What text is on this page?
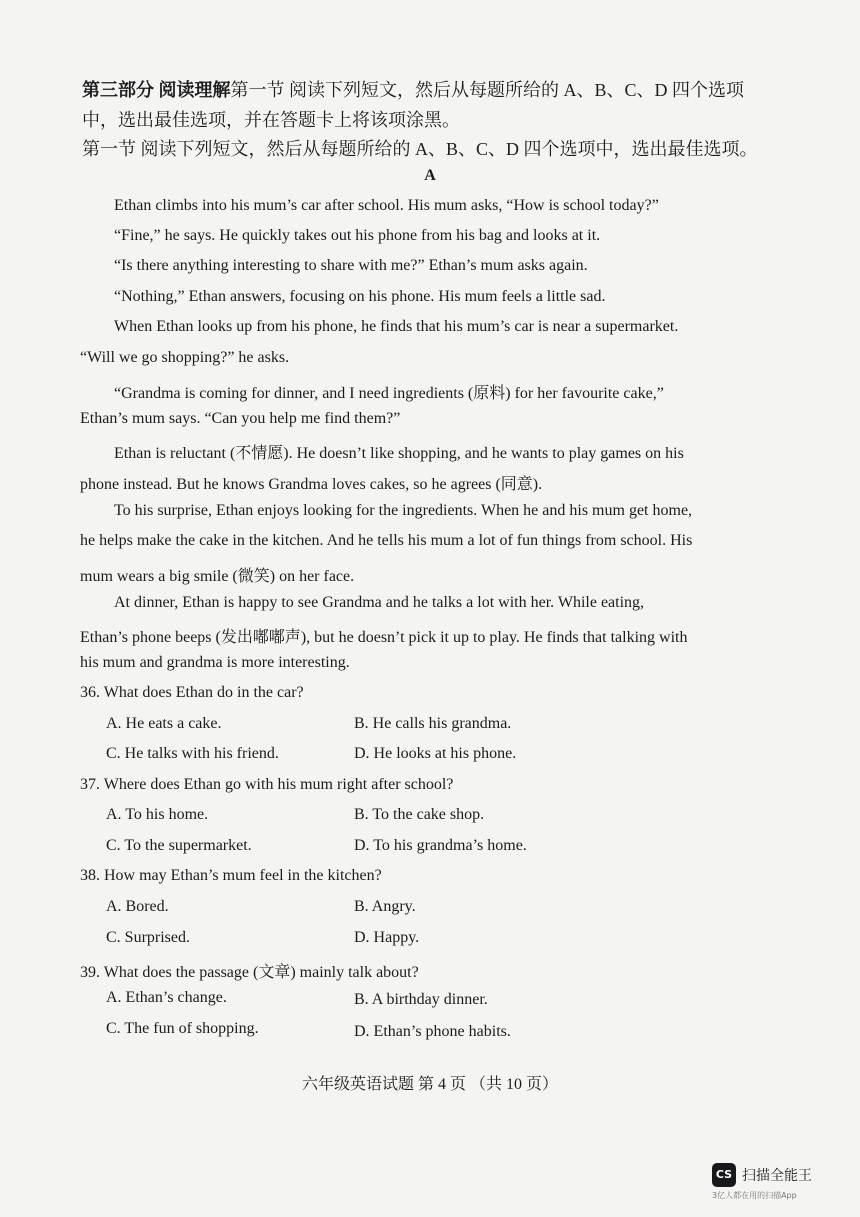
第三部分 阅读理解第一节 阅读下列短文，然后从每题所给的 A、B、C、D 四个选项
中，选出最佳选项，并在答题卡上将该项涂黑。
第一节 阅读下列短文，然后从每题所给的 A、B、C、D 四个选项中，选出最佳选项。
A
Ethan climbs into his mum’s car after school. His mum asks, “How is school today?”
“Fine,” he says. He quickly takes out his phone from his bag and looks at it.
“Is there anything interesting to share with me?” Ethan’s mum asks again.
“Nothing,” Ethan answers, focusing on his phone. His mum feels a little sad.
When Ethan looks up from his phone, he finds that his mum’s car is near a supermarket.
“Will we go shopping?” he asks.
“Grandma is coming for dinner, and I need ingredients (原料) for her favourite cake,”
Ethan’s mum says. “Can you help me find them?”
Ethan is reluctant (不情愿). He doesn’t like shopping, and he wants to play games on his
phone instead. But he knows Grandma loves cakes, so he agrees (同意).
To his surprise, Ethan enjoys looking for the ingredients. When he and his mum get home,
he helps make the cake in the kitchen. And he tells his mum a lot of fun things from school. His
mum wears a big smile (微笑) on her face.
At dinner, Ethan is happy to see Grandma and he talks a lot with her. While eating,
Ethan’s phone beeps (发出嘟嘟声), but he doesn’t pick it up to play. He finds that talking with
his mum and grandma is more interesting.
36. What does Ethan do in the car?
A. He eats a cake.	B. He calls his grandma.
C. He talks with his friend.	D. He looks at his phone.
37. Where does Ethan go with his mum right after school?
A. To his home.	B. To the cake shop.
C. To the supermarket.	D. To his grandma’s home.
38. How may Ethan’s mum feel in the kitchen?
A. Bored.	B. Angry.
C. Surprised.	D. Happy.
39. What does the passage (文章) mainly talk about?
A. Ethan’s change.	B. A birthday dinner.
C. The fun of shopping.	D. Ethan’s phone habits.
六年级英语试题 第 4 页 （共 10 页）
CS 扫描全能王
3亿人都在用的扫描App
